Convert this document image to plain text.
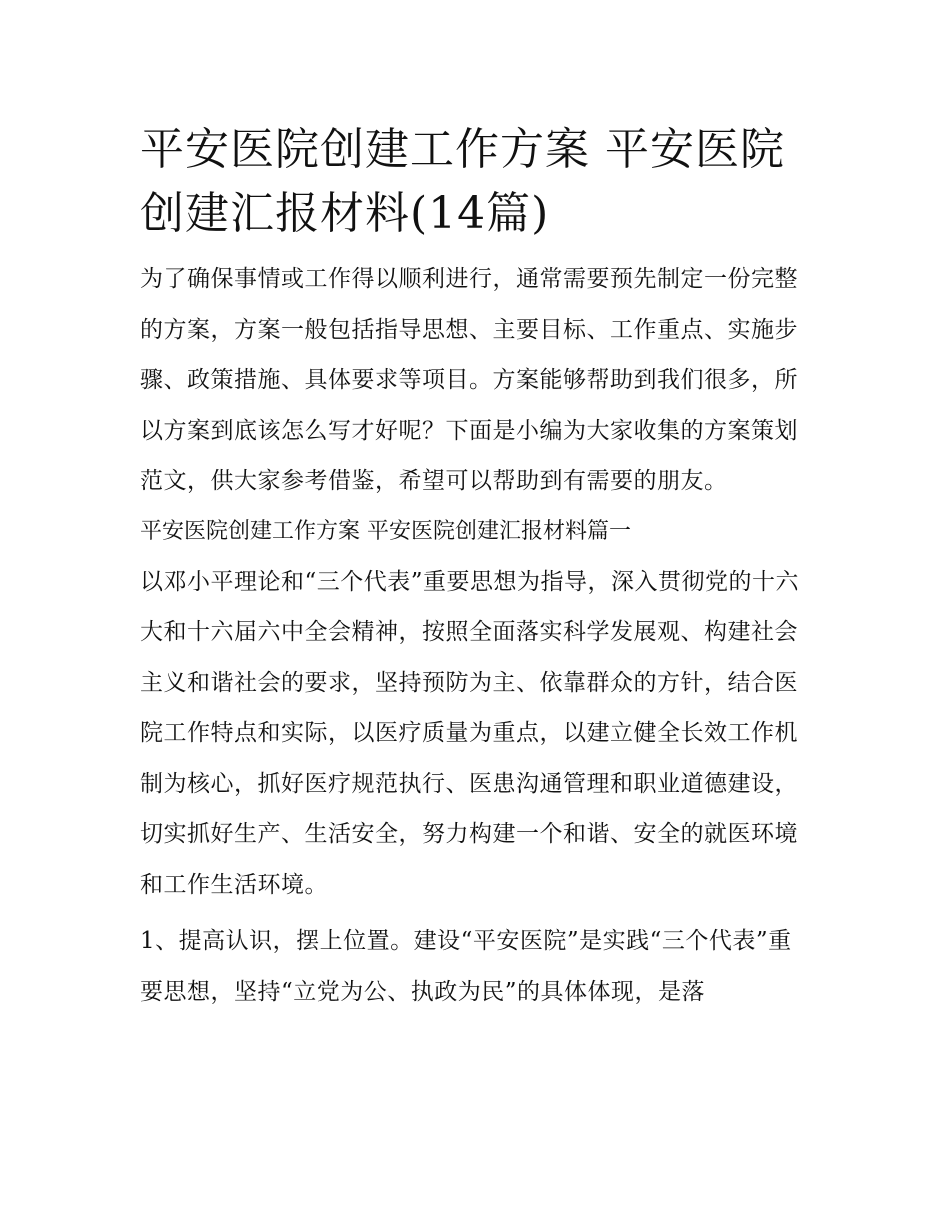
平安医院创建工作方案 平安医院创建汇报材料(14篇)

为了确保事情或工作得以顺利进行，通常需要预先制定一份完整的方案，方案一般包括指导思想、主要目标、工作重点、实施步骤、政策措施、具体要求等项目。方案能够帮助到我们很多，所以方案到底该怎么写才好呢？下面是小编为大家收集的方案策划范文，供大家参考借鉴，希望可以帮助到有需要的朋友。

平安医院创建工作方案 平安医院创建汇报材料篇一

以邓小平理论和“三个代表”重要思想为指导，深入贯彻党的十六大和十六届六中全会精神，按照全面落实科学发展观、构建社会主义和谐社会的要求，坚持预防为主、依靠群众的方针，结合医院工作特点和实际，以医疗质量为重点，以建立健全长效工作机制为核心，抓好医疗规范执行、医患沟通管理和职业道德建设，切实抓好生产、生活安全，努力构建一个和谐、安全的就医环境和工作生活环境。

1、提高认识，摆上位置。建设“平安医院”是实践“三个代表”重要思想，坚持“立党为公、执政为民”的具体体现，是落
